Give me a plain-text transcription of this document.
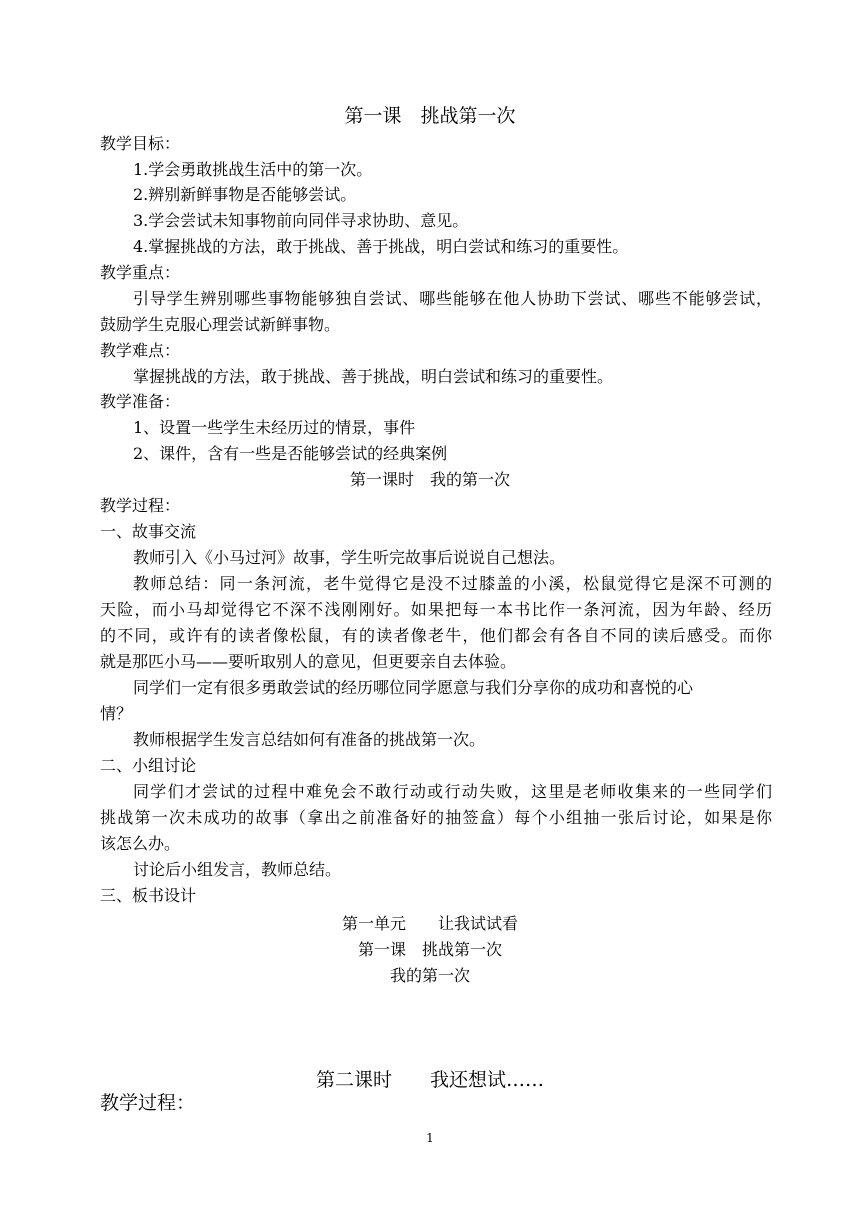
第一课　挑战第一次
教学目标：
1.学会勇敢挑战生活中的第一次。
2.辨别新鲜事物是否能够尝试。
3.学会尝试未知事物前向同伴寻求协助、意见。
4.掌握挑战的方法，敢于挑战、善于挑战，明白尝试和练习的重要性。
教学重点：
引导学生辨别哪些事物能够独自尝试、哪些能够在他人协助下尝试、哪些不能够尝试，
鼓励学生克服心理尝试新鲜事物。
教学难点：
掌握挑战的方法，敢于挑战、善于挑战，明白尝试和练习的重要性。
教学准备：
1、设置一些学生未经历过的情景，事件
2、课件，含有一些是否能够尝试的经典案例
第一课时　我的第一次
教学过程：
一、故事交流
教师引入《小马过河》故事，学生听完故事后说说自己想法。
教师总结：同一条河流，老牛觉得它是没不过膝盖的小溪，松鼠觉得它是深不可测的
天险，而小马却觉得它不深不浅刚刚好。如果把每一本书比作一条河流，因为年龄、经历
的不同，或许有的读者像松鼠，有的读者像老牛，他们都会有各自不同的读后感受。而你
就是那匹小马——要听取别人的意见，但更要亲自去体验。
同学们一定有很多勇敢尝试的经历哪位同学愿意与我们分享你的成功和喜悦的心
情？
教师根据学生发言总结如何有准备的挑战第一次。
二、小组讨论
同学们才尝试的过程中难免会不敢行动或行动失败，这里是老师收集来的一些同学们
挑战第一次未成功的故事（拿出之前准备好的抽签盒）每个小组抽一张后讨论，如果是你
该怎么办。
讨论后小组发言，教师总结。
三、板书设计
第一单元　　让我试试看
第一课　挑战第一次
我的第一次
第二课时　　我还想试……
教学过程：
1
